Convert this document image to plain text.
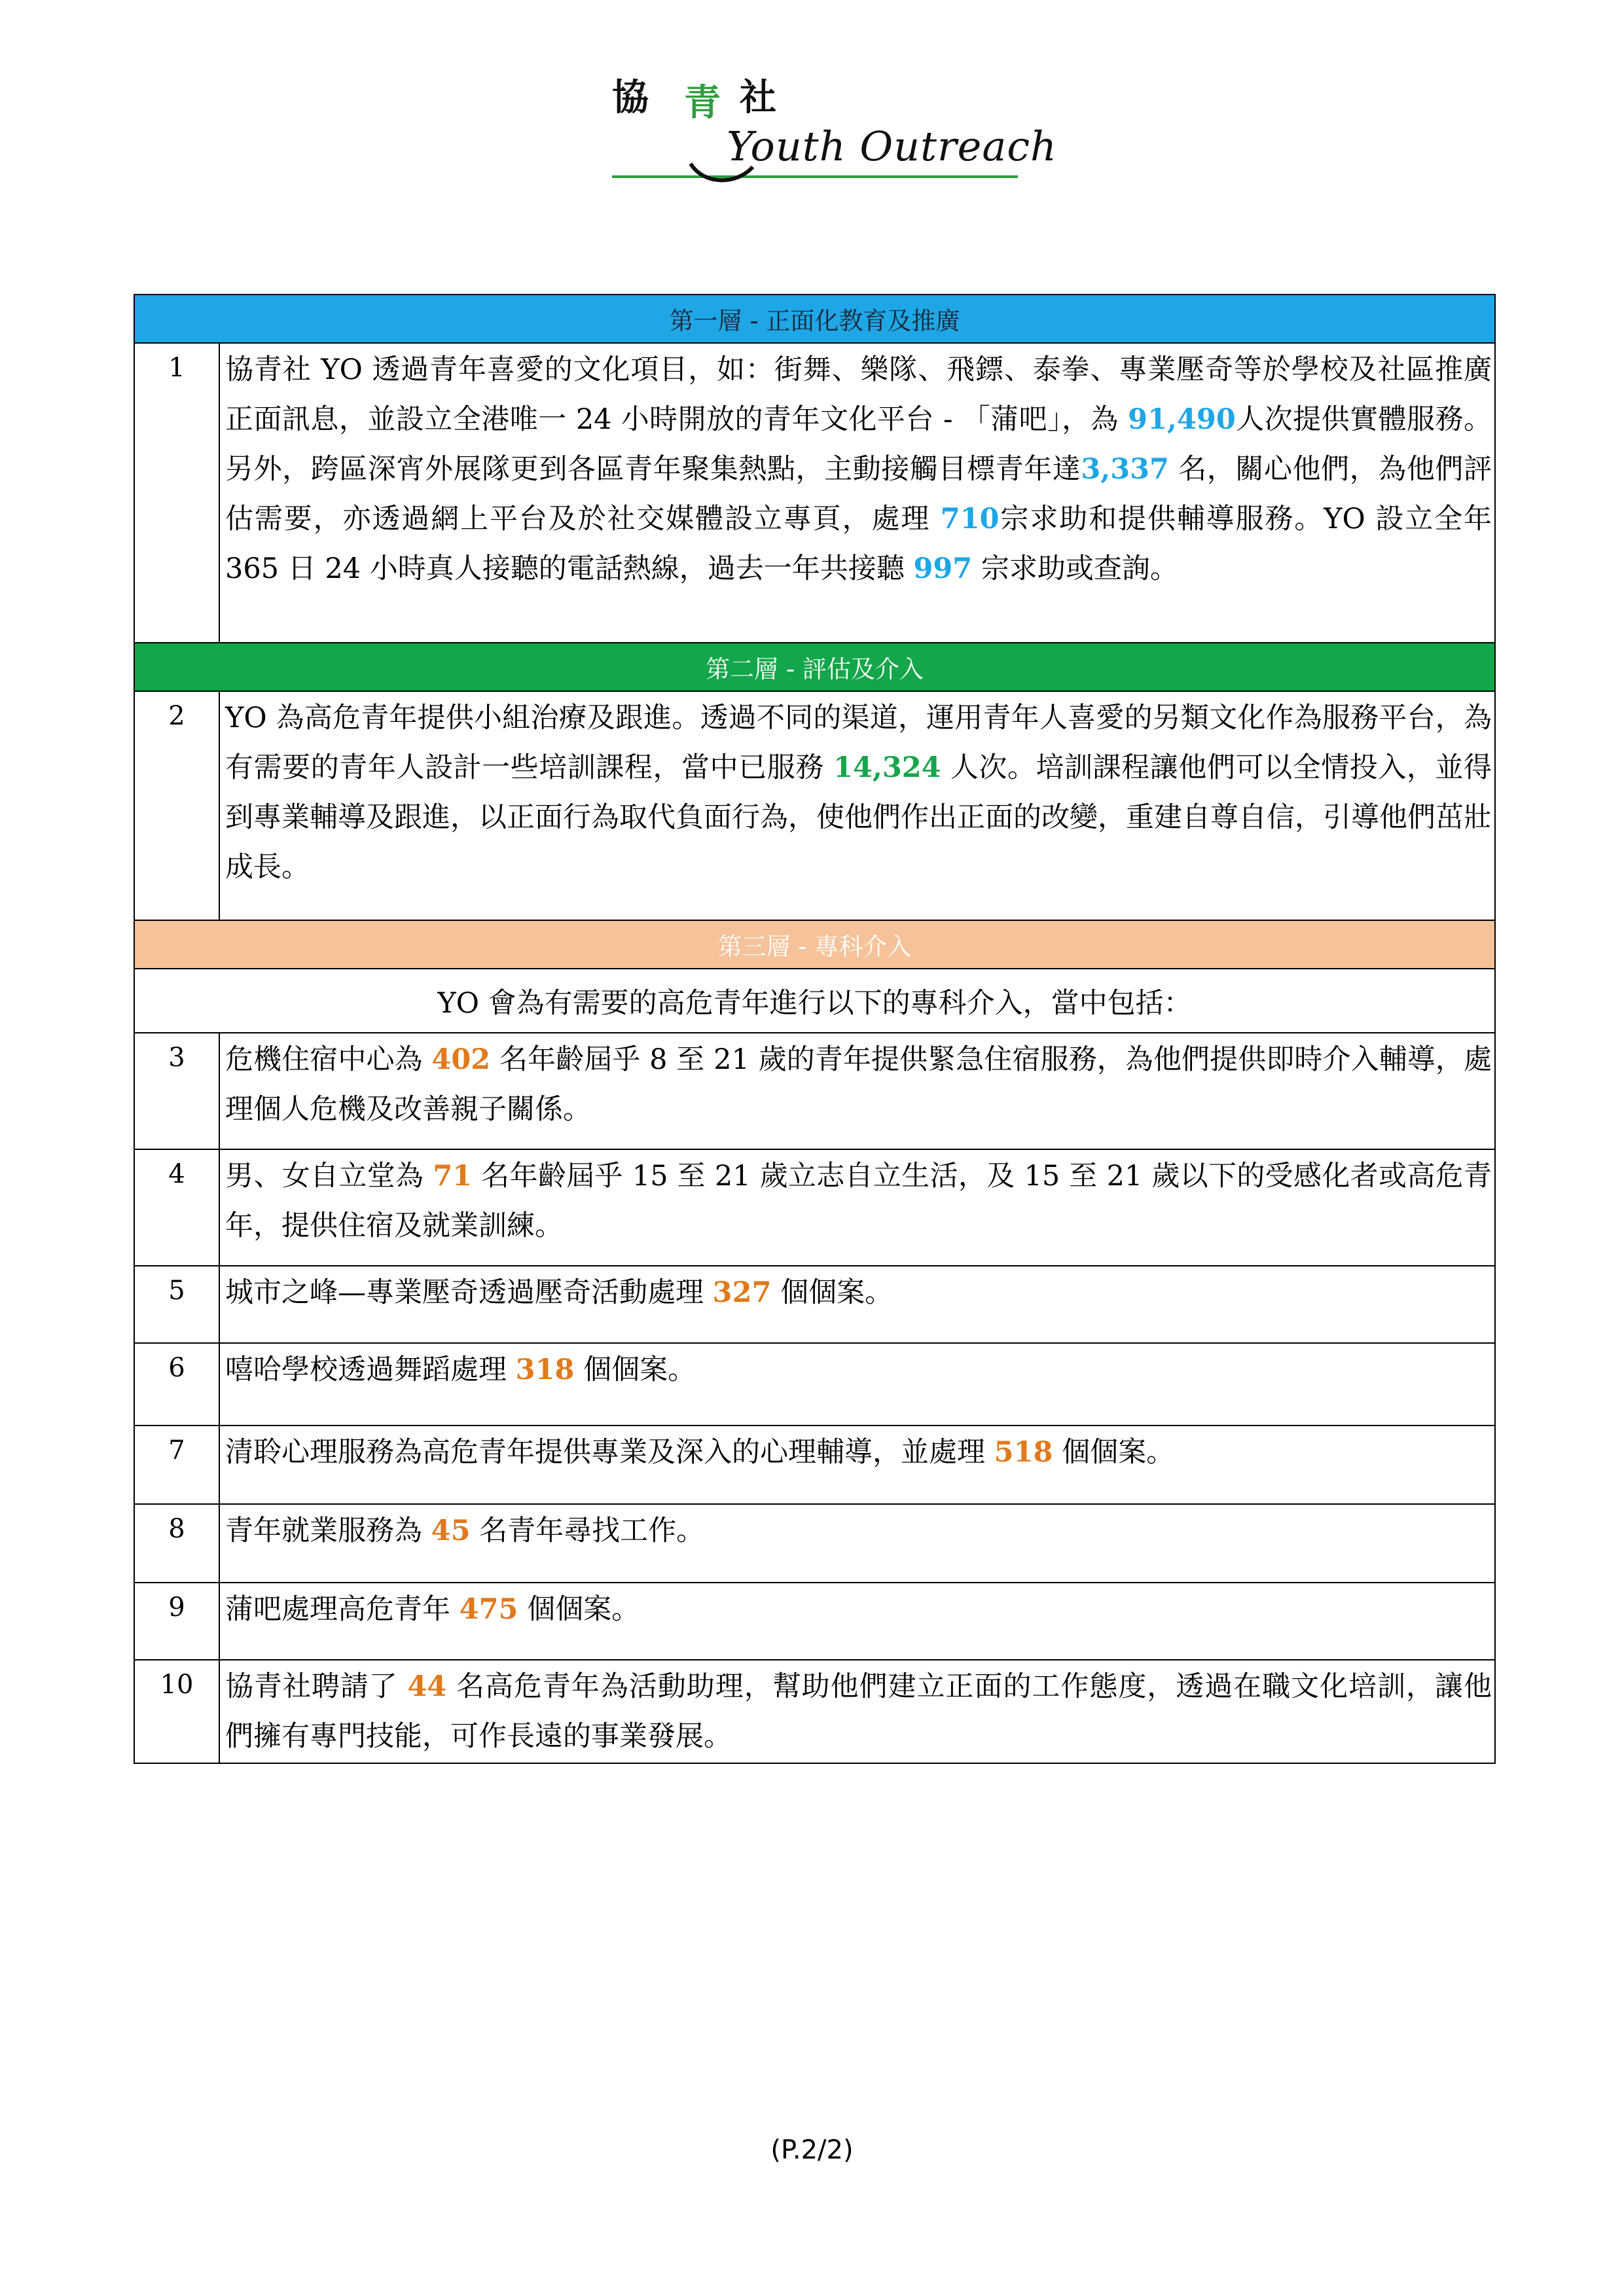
協 青 社
Youth Outreach
第一層 - 正面化教育及推廣	
1	協青社 YO 透過青年喜愛的文化項目，如：街舞、樂隊、飛鏢、泰拳、專業壓奇等於學校及社區推廣正面訊息，並設立全港唯一 24 小時開放的青年文化平台 - 「蒲吧」，為 91,490人次提供實體服務。另外，跨區深宵外展隊更到各區青年聚集熱點，主動接觸目標青年達3,337 名，關心他們，為他們評估需要，亦透過網上平台及於社交媒體設立專頁，處理 710宗求助和提供輔導服務。YO 設立全年 365 日 24 小時真人接聽的電話熱線，過去一年共接聽 997 宗求助或查詢。
第二層 - 評估及介入	
2	YO 為高危青年提供小組治療及跟進。透過不同的渠道，運用青年人喜愛的另類文化作為服務平台，為有需要的青年人設計一些培訓課程，當中已服務 14,324 人次。培訓課程讓他們可以全情投入，並得到專業輔導及跟進，以正面行為取代負面行為，使他們作出正面的改變，重建自尊自信，引導他們茁壯成長。
第三層 - 專科介入	
YO 會為有需要的高危青年進行以下的專科介入，當中包括：	
3	危機住宿中心為 402 名年齡屆乎 8 至 21 歲的青年提供緊急住宿服務，為他們提供即時介入輔導，處理個人危機及改善親子關係。
4	男、女自立堂為 71 名年齡屆乎 15 至 21 歲立志自立生活，及 15 至 21 歲以下的受感化者或高危青年，提供住宿及就業訓練。
5	城市之峰—專業壓奇透過壓奇活動處理 327 個個案。
6	嘻哈學校透過舞蹈處理 318 個個案。
7	清聆心理服務為高危青年提供專業及深入的心理輔導，並處理 518 個個案。
8	青年就業服務為 45 名青年尋找工作。
9	蒲吧處理高危青年 475 個個案。
10	協青社聘請了 44 名高危青年為活動助理，幫助他們建立正面的工作態度，透過在職文化培訓，讓他們擁有專門技能，可作長遠的事業發展。
(P.2/2)
